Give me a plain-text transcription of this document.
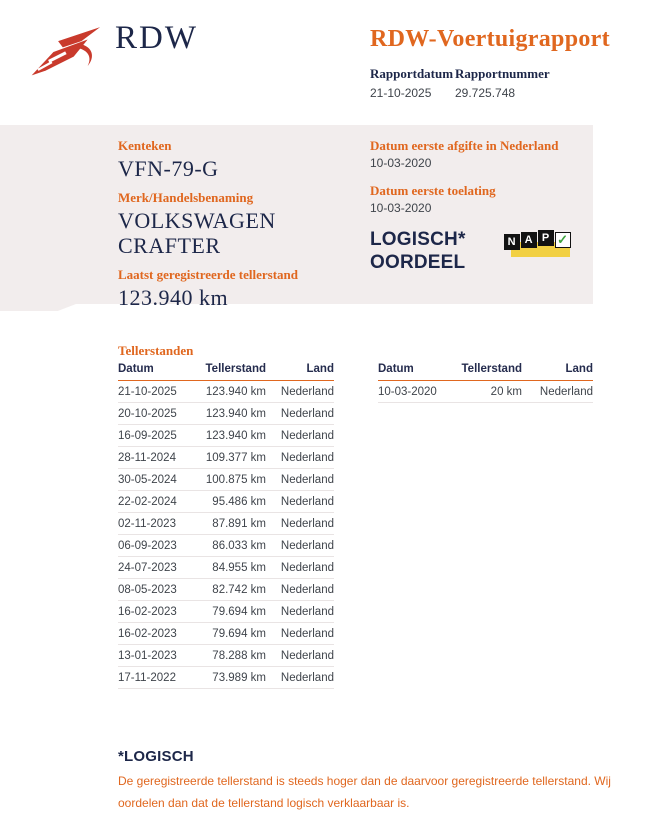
RDW	RDW-Voertuigrapport
Rapportdatum
21-10-2025
Rapportnummer
29.725.748
Kenteken
VFN-79-G
Merk/Handelsbenaming
VOLKSWAGEN
CRAFTER
Laatst geregistreerde tellerstand
123.940 km
Datum eerste afgifte in Nederland
10-03-2020
Datum eerste toelating
10-03-2020
LOGISCH*
OORDEEL
N A P ✓
Tellerstanden
Datum	Tellerstand	Land
21-10-2025	123.940 km	Nederland
20-10-2025	123.940 km	Nederland
16-09-2025	123.940 km	Nederland
28-11-2024	109.377 km	Nederland
30-05-2024	100.875 km	Nederland
22-02-2024	95.486 km	Nederland
02-11-2023	87.891 km	Nederland
06-09-2023	86.033 km	Nederland
24-07-2023	84.955 km	Nederland
08-05-2023	82.742 km	Nederland
16-02-2023	79.694 km	Nederland
16-02-2023	79.694 km	Nederland
13-01-2023	78.288 km	Nederland
17-11-2022	73.989 km	Nederland
Datum	Tellerstand	Land
10-03-2020	20 km	Nederland
*LOGISCH
De geregistreerde tellerstand is steeds hoger dan de daarvoor geregistreerde tellerstand. Wij oordelen dan dat de tellerstand logisch verklaarbaar is.
